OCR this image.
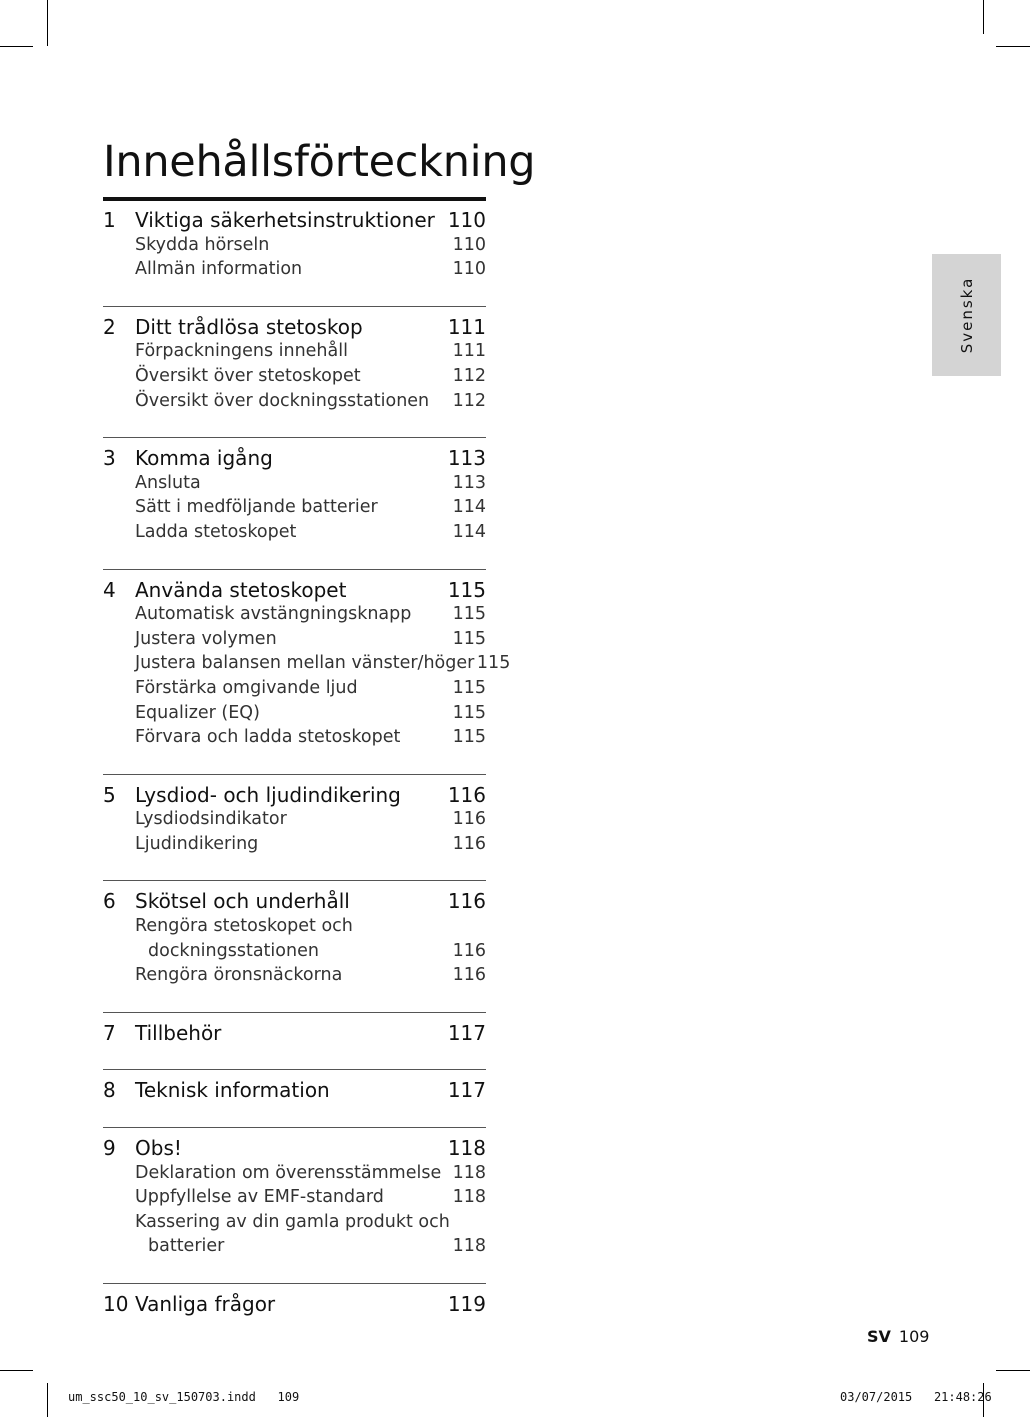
Innehållsförteckning
1 Viktiga säkerhetsinstruktioner 110
Skydda hörseln	110
Allmän information	110
2 Ditt trådlösa stetoskop	111
Förpackningens innehåll	111
Översikt över stetoskopet	112
Översikt över dockningsstationen	112
3 Komma igång	113
Ansluta	113
Sätt i medföljande batterier	114
Ladda stetoskopet	114
4 Använda stetoskopet	115
Automatisk avstängningsknapp	115
Justera volymen	115
Justera balansen mellan vänster/höger 115
Förstärka omgivande ljud	115
Equalizer (EQ)	115
Förvara och ladda stetoskopet	115
5 Lysdiod- och ljudindikering	116
Lysdiodsindikator	116
Ljudindikering	116
6 Skötsel och underhåll	116
Rengöra stetoskopet och
dockningsstationen	116
Rengöra öronsnäckorna	116
7 Tillbehör	117
8 Teknisk information	117
9 Obs!	118
Deklaration om överensstämmelse 118
Uppfyllelse av EMF-standard	118
Kassering av din gamla produkt och
batterier	118
10 Vanliga frågor	119
Svenska
SV 109
um_ssc50_10_sv_150703.indd 109	03/07/2015 21:48:26
